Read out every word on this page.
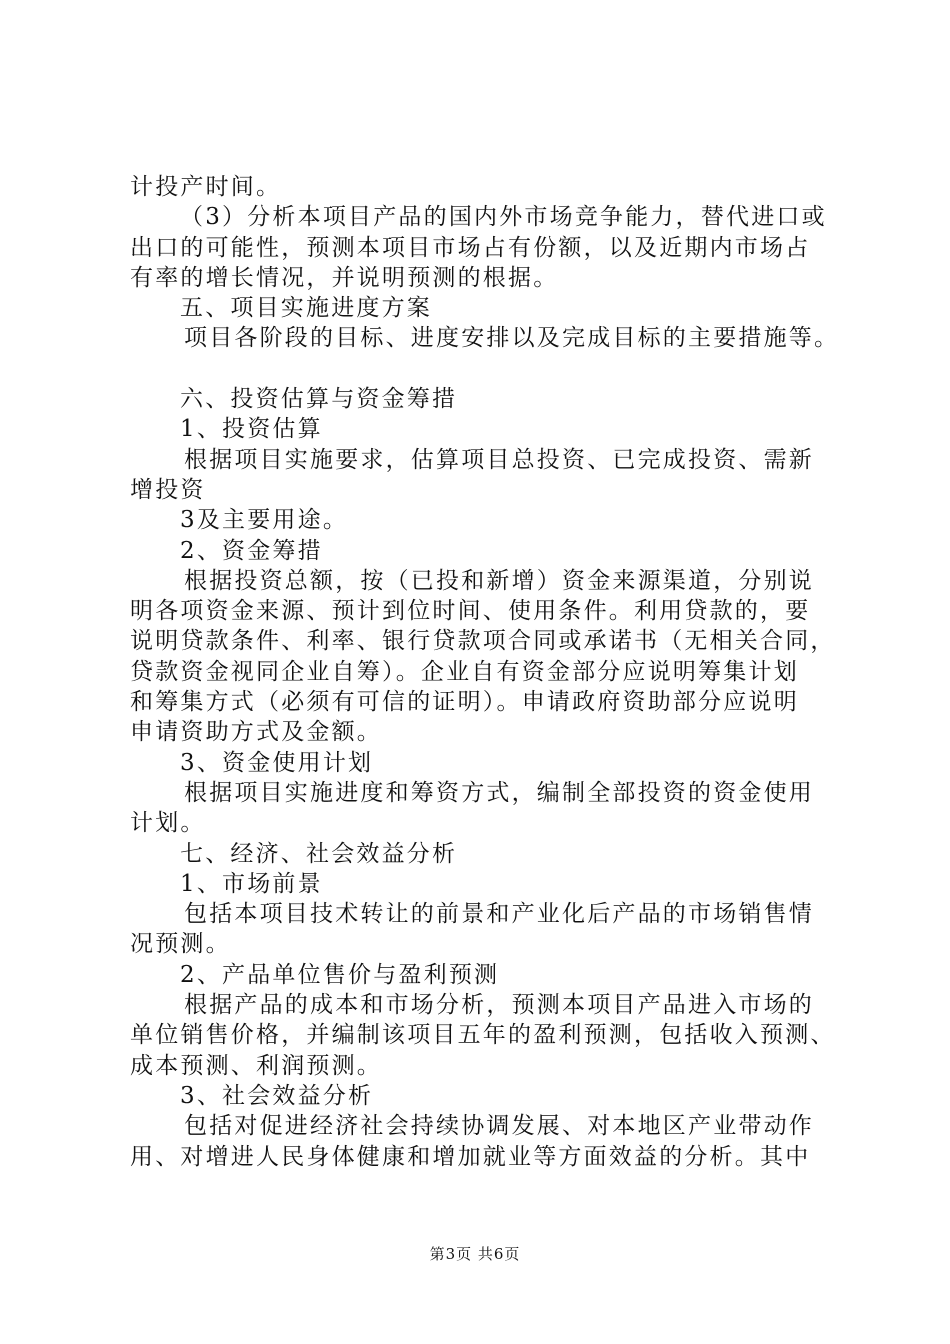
计投产时间。
（3）分析本项目产品的国内外市场竞争能力，替代进口或
出口的可能性，预测本项目市场占有份额，以及近期内市场占
有率的增长情况，并说明预测的根据。
五、项目实施进度方案
项目各阶段的目标、进度安排以及完成目标的主要措施等。
六、投资估算与资金筹措
1、投资估算
根据项目实施要求，估算项目总投资、已完成投资、需新
增投资
3及主要用途。
2、资金筹措
根据投资总额，按（已投和新增）资金来源渠道，分别说
明各项资金来源、预计到位时间、使用条件。利用贷款的，要
说明贷款条件、利率、银行贷款项合同或承诺书（无相关合同，
贷款资金视同企业自筹）。企业自有资金部分应说明筹集计划
和筹集方式（必须有可信的证明）。申请政府资助部分应说明
申请资助方式及金额。
3、资金使用计划
根据项目实施进度和筹资方式，编制全部投资的资金使用
计划。
七、经济、社会效益分析
1、市场前景
包括本项目技术转让的前景和产业化后产品的市场销售情
况预测。
2、产品单位售价与盈利预测
根据产品的成本和市场分析，预测本项目产品进入市场的
单位销售价格，并编制该项目五年的盈利预测，包括收入预测、
成本预测、利润预测。
3、社会效益分析
包括对促进经济社会持续协调发展、对本地区产业带动作
用、对增进人民身体健康和增加就业等方面效益的分析。其中
第3页 共6页
